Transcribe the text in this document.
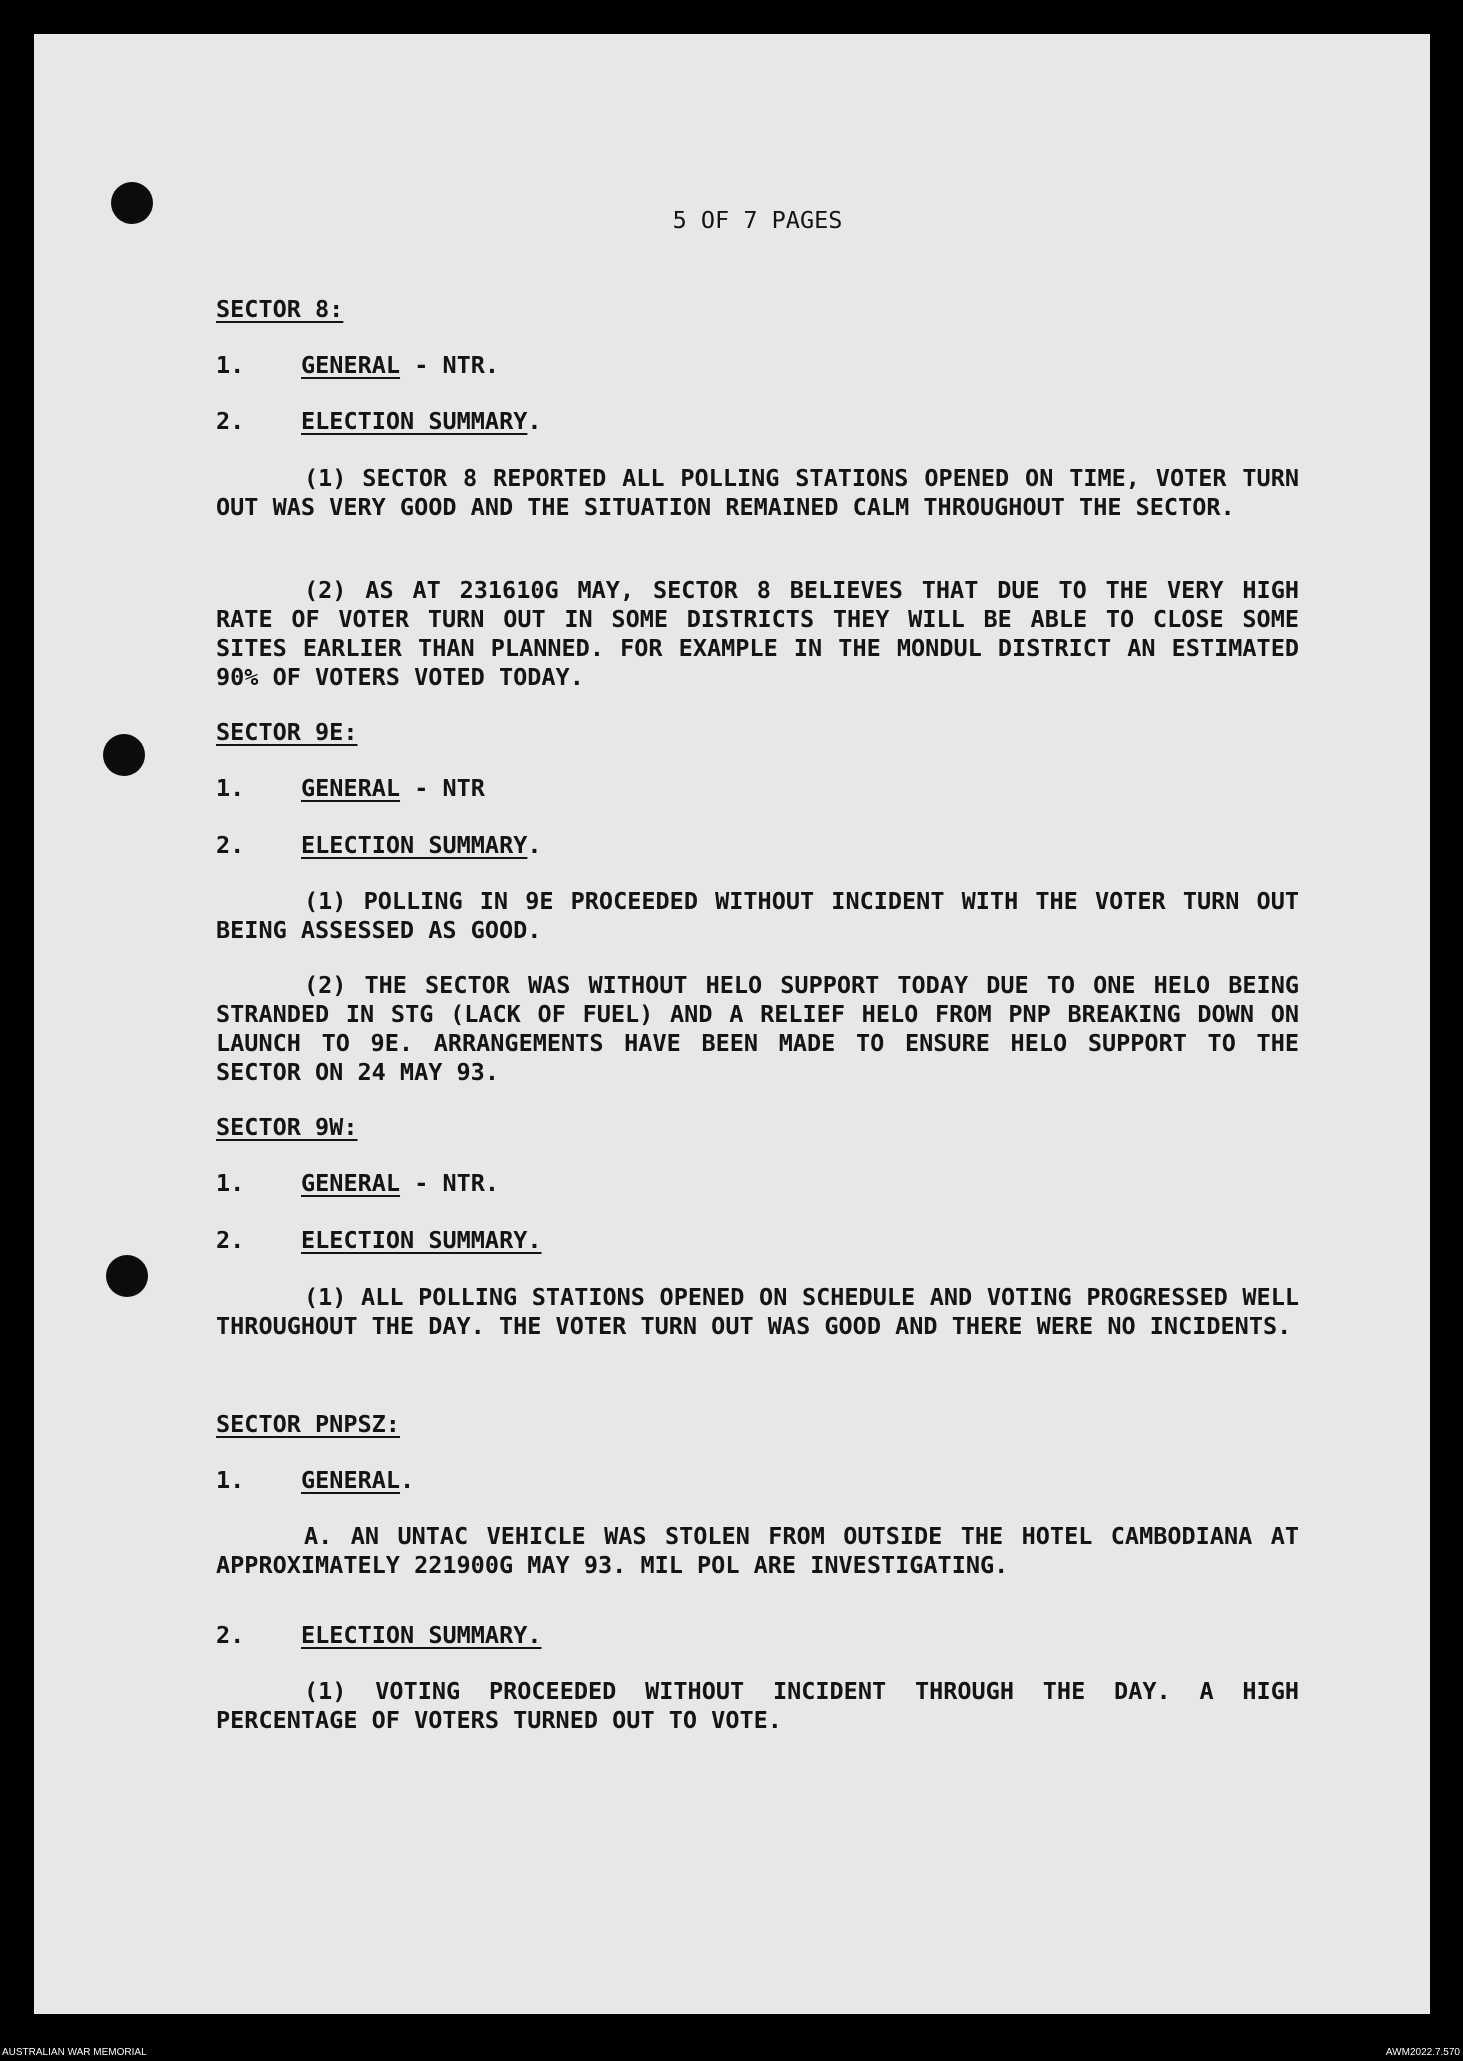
5 OF 7 PAGES
SECTOR 8:
1. GENERAL - NTR.
2. ELECTION SUMMARY.
(1) SECTOR 8 REPORTED ALL POLLING STATIONS OPENED ON TIME, VOTER TURN OUT WAS VERY GOOD AND THE SITUATION REMAINED CALM THROUGHOUT THE SECTOR.
(2) AS AT 231610G MAY, SECTOR 8 BELIEVES THAT DUE TO THE VERY HIGH RATE OF VOTER TURN OUT IN SOME DISTRICTS THEY WILL BE ABLE TO CLOSE SOME SITES EARLIER THAN PLANNED. FOR EXAMPLE IN THE MONDUL DISTRICT AN ESTIMATED 90% OF VOTERS VOTED TODAY.
SECTOR 9E:
1. GENERAL - NTR
2. ELECTION SUMMARY.
(1) POLLING IN 9E PROCEEDED WITHOUT INCIDENT WITH THE VOTER TURN OUT BEING ASSESSED AS GOOD.
(2) THE SECTOR WAS WITHOUT HELO SUPPORT TODAY DUE TO ONE HELO BEING STRANDED IN STG (LACK OF FUEL) AND A RELIEF HELO FROM PNP BREAKING DOWN ON LAUNCH TO 9E. ARRANGEMENTS HAVE BEEN MADE TO ENSURE HELO SUPPORT TO THE SECTOR ON 24 MAY 93.
SECTOR 9W:
1. GENERAL - NTR.
2. ELECTION SUMMARY.
(1) ALL POLLING STATIONS OPENED ON SCHEDULE AND VOTING PROGRESSED WELL THROUGHOUT THE DAY. THE VOTER TURN OUT WAS GOOD AND THERE WERE NO INCIDENTS.
SECTOR PNPSZ:
1. GENERAL.
A. AN UNTAC VEHICLE WAS STOLEN FROM OUTSIDE THE HOTEL CAMBODIANA AT APPROXIMATELY 221900G MAY 93. MIL POL ARE INVESTIGATING.
2. ELECTION SUMMARY.
(1) VOTING PROCEEDED WITHOUT INCIDENT THROUGH THE DAY. A HIGH PERCENTAGE OF VOTERS TURNED OUT TO VOTE.
AUSTRALIAN WAR MEMORIAL	AWM2022.7.570
